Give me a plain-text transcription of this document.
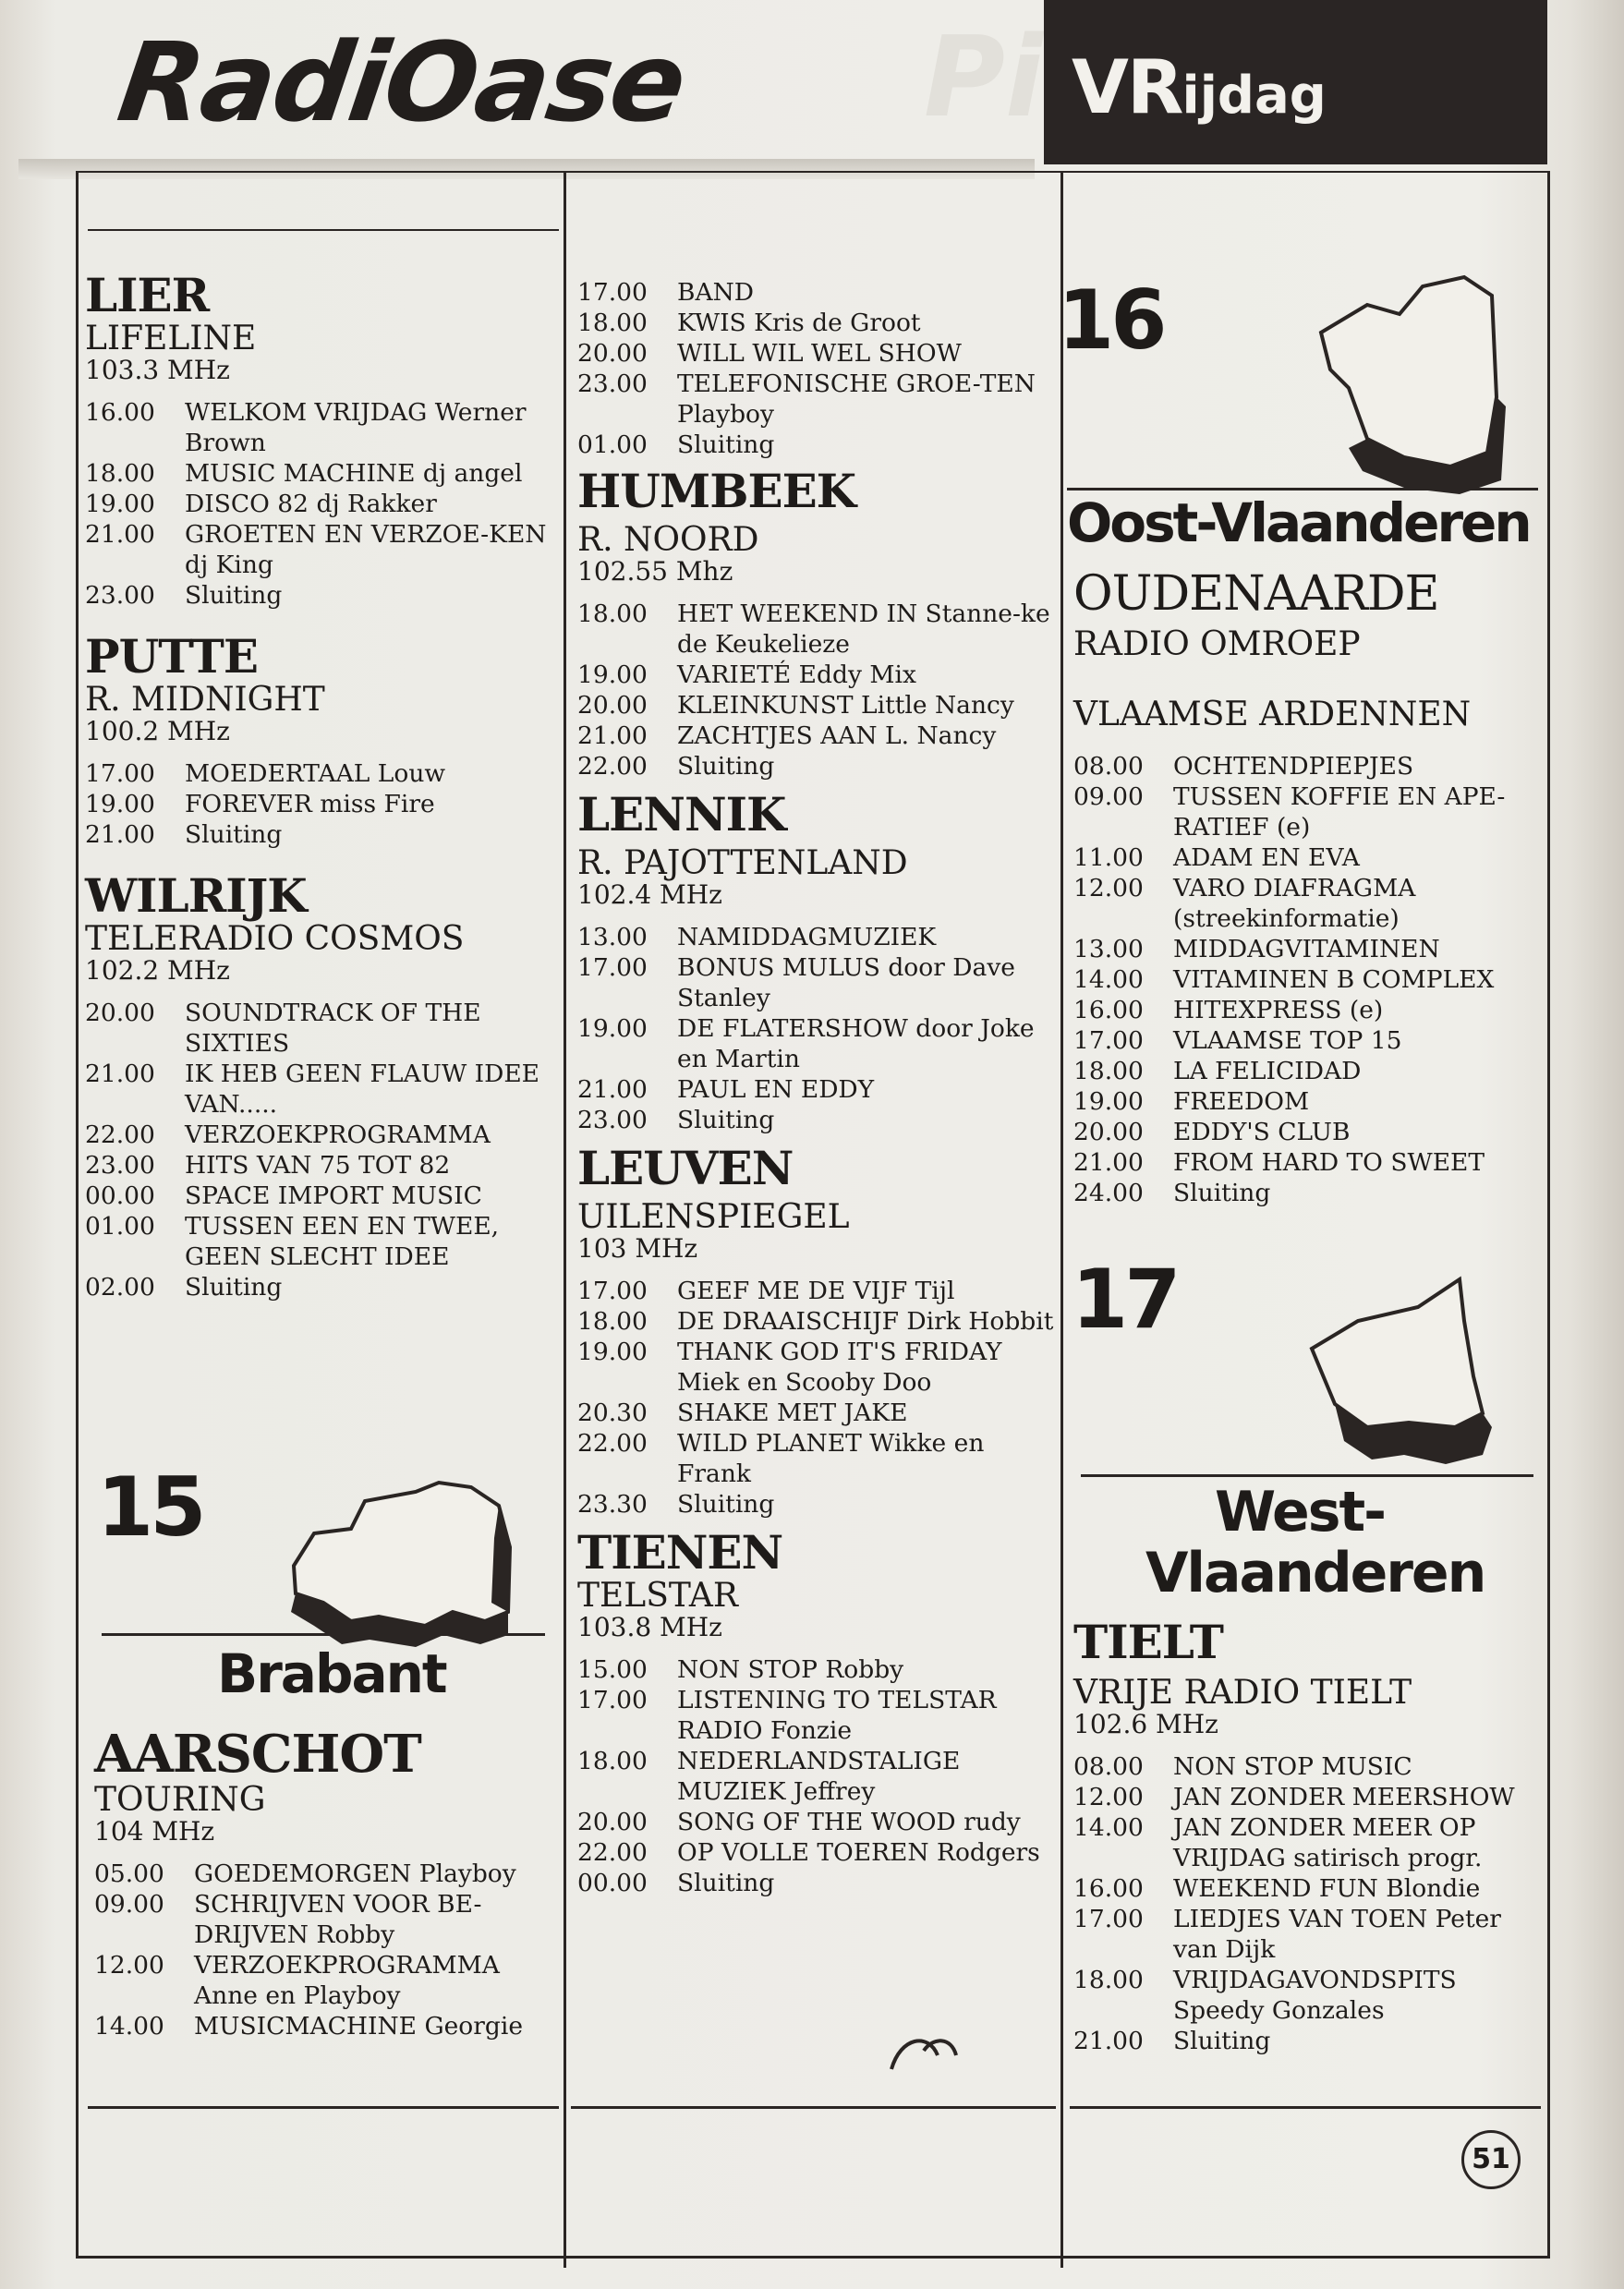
Pi
RadiOase	VRijdag

LIER

LIFELINE

103.3 MHz

16.00	WELKOM VRIJDAG Werner Brown
18.00	MUSIC MACHINE dj angel
19.00	DISCO 82 dj Rakker
21.00	GROETEN EN VERZOE-KEN dj King
23.00	Sluiting

PUTTE

R. MIDNIGHT

100.2 MHz

17.00	MOEDERTAAL Louw
19.00	FOREVER miss Fire
21.00	Sluiting

WILRIJK

TELERADIO COSMOS

102.2 MHz

20.00	SOUNDTRACK OF THE SIXTIES
21.00	IK HEB GEEN FLAUW IDEE VAN.....
22.00	VERZOEKPROGRAMMA
23.00	HITS VAN 75 TOT 82
00.00	SPACE IMPORT MUSIC
01.00	TUSSEN EEN EN TWEE, GEEN SLECHT IDEE
02.00	Sluiting
15
Brabant

AARSCHOT

TOURING

104 MHz

05.00	GOEDEMORGEN Playboy
09.00	SCHRIJVEN VOOR BE-DRIJVEN Robby
12.00	VERZOEKPROGRAMMA Anne en Playboy
14.00	MUSICMACHINE Georgie
17.00	BAND
18.00	KWIS Kris de Groot
20.00	WILL WIL WEL SHOW
23.00	TELEFONISCHE GROE-TEN Playboy
01.00	Sluiting

HUMBEEK

R. NOORD

102.55 Mhz

18.00	HET WEEKEND IN Stanne-ke de Keukelieze
19.00	VARIETÉ Eddy Mix
20.00	KLEINKUNST Little Nancy
21.00	ZACHTJES AAN L. Nancy
22.00	Sluiting

LENNIK

R. PAJOTTENLAND

102.4 MHz

13.00	NAMIDDAGMUZIEK
17.00	BONUS MULUS door Dave Stanley
19.00	DE FLATERSHOW door Joke en Martin
21.00	PAUL EN EDDY
23.00	Sluiting

LEUVEN

UILENSPIEGEL

103 MHz

17.00	GEEF ME DE VIJF Tijl
18.00	DE DRAAISCHIJF Dirk Hobbit
19.00	THANK GOD IT'S FRIDAY Miek en Scooby Doo
20.30	SHAKE MET JAKE
22.00	WILD PLANET Wikke en Frank
23.30	Sluiting

TIENEN

TELSTAR

103.8 MHz

15.00	NON STOP Robby
17.00	LISTENING TO TELSTAR RADIO Fonzie
18.00	NEDERLANDSTALIGE MUZIEK Jeffrey
20.00	SONG OF THE WOOD rudy
22.00	OP VOLLE TOEREN Rodgers
00.00	Sluiting
16
Oost-Vlaanderen

OUDENAARDE

RADIO OMROEP

VLAAMSE ARDENNEN

08.00	OCHTENDPIEPJES
09.00	TUSSEN KOFFIE EN APE-RATIEF (e)
11.00	ADAM EN EVA
12.00	VARO DIAFRAGMA (streekinformatie)
13.00	MIDDAGVITAMINEN
14.00	VITAMINEN B COMPLEX
16.00	HITEXPRESS (e)
17.00	VLAAMSE TOP 15
18.00	LA FELICIDAD
19.00	FREEDOM
20.00	EDDY'S CLUB
21.00	FROM HARD TO SWEET
24.00	Sluiting
17
West-
Vlaanderen

TIELT

VRIJE RADIO TIELT

102.6 MHz

08.00	NON STOP MUSIC
12.00	JAN ZONDER MEERSHOW
14.00	JAN ZONDER MEER OP VRIJDAG satirisch progr.
16.00	WEEKEND FUN Blondie
17.00	LIEDJES VAN TOEN Peter van Dijk
18.00	VRIJDAGAVONDSPITS Speedy Gonzales
21.00	Sluiting
51
